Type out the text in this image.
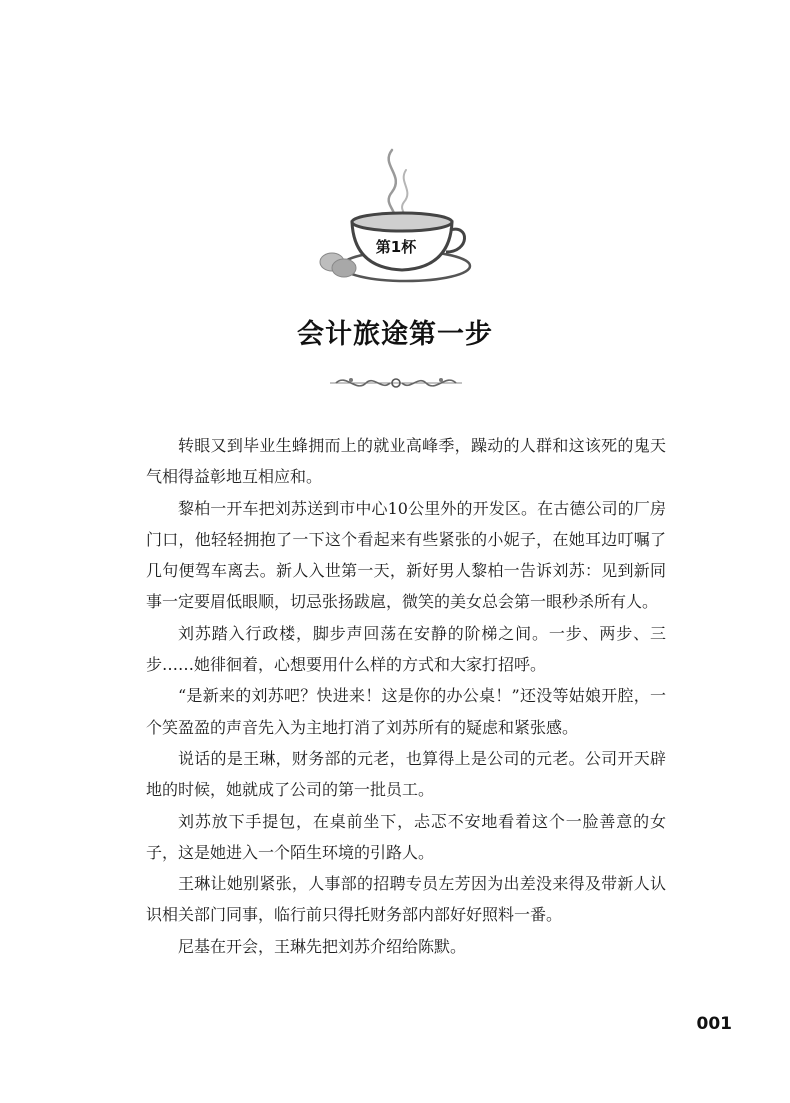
第1杯
会计旅途第一步

转眼又到毕业生蜂拥而上的就业高峰季，躁动的人群和这该死的鬼天气相得益彰地互相应和。

黎柏一开车把刘苏送到市中心10公里外的开发区。在古德公司的厂房门口，他轻轻拥抱了一下这个看起来有些紧张的小妮子，在她耳边叮嘱了几句便驾车离去。新人入世第一天，新好男人黎柏一告诉刘苏：见到新同事一定要眉低眼顺，切忌张扬跋扈，微笑的美女总会第一眼秒杀所有人。

刘苏踏入行政楼，脚步声回荡在安静的阶梯之间。一步、两步、三步……她徘徊着，心想要用什么样的方式和大家打招呼。

“是新来的刘苏吧？快进来！这是你的办公桌！”还没等姑娘开腔，一个笑盈盈的声音先入为主地打消了刘苏所有的疑虑和紧张感。

说话的是王琳，财务部的元老，也算得上是公司的元老。公司开天辟地的时候，她就成了公司的第一批员工。

刘苏放下手提包，在桌前坐下，忐忑不安地看着这个一脸善意的女子，这是她进入一个陌生环境的引路人。

王琳让她别紧张，人事部的招聘专员左芳因为出差没来得及带新人认识相关部门同事，临行前只得托财务部内部好好照料一番。

尼基在开会，王琳先把刘苏介绍给陈默。

001
